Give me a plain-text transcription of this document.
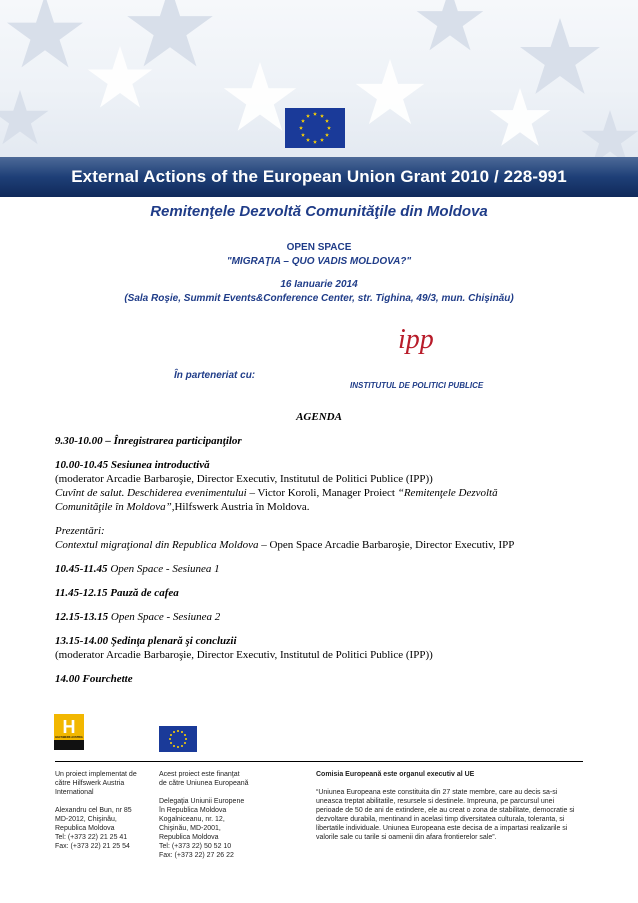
External Actions of the European Union Grant 2010 / 228-991
Remitenţele Dezvoltă Comunităţile din Moldova
OPEN SPACE
"MIGRAŢIA – QUO VADIS MOLDOVA?"
16 Ianuarie 2014
(Sala Roşie, Summit Events&Conference Center, str. Tighina, 49/3, mun. Chişinău)
ipp
În parteneriat cu:
INSTITUTUL DE POLITICI PUBLICE
AGENDA
9.30-10.00 – Înregistrarea participanţilor
10.00-10.45 Sesiunea introductivă
(moderator Arcadie Barbaroşie, Director Executiv, Institutul de Politici Publice (IPP))
Cuvînt de salut. Deschiderea evenimentului – Victor Koroli, Manager Proiect “Remitenţele Dezvoltă
Comunităţile în Moldova”,Hilfswerk Austria în Moldova.
Prezentări:
Contextul migraţional din Republica Moldova – Open Space Arcadie Barbaroşie, Director Executiv, IPP
10.45-11.45 Open Space - Sesiunea 1
11.45-12.15 Pauză de cafea
12.15-13.15 Open Space - Sesiunea 2
13.15-14.00 Şedinţa plenară şi concluzii
(moderator Arcadie Barbaroşie, Director Executiv, Institutul de Politici Publice (IPP))
14.00 Fourchette
H
HILFSWERK AUSTRIA
Un proiect implementat de
către Hilfswerk Austria
International
Alexandru cel Bun, nr 85
MD-2012, Chişinău,
Republica Moldova
Tel: (+373 22) 21 25 41
Fax: (+373 22) 21 25 54
Acest proiect este finanţat
de către Uniunea Europeană
Delegaţia Uniunii Europene
în Republica Moldova
Kogalniceanu, nr. 12,
Chişinău, MD-2001,
Republica Moldova
Tel: (+373 22) 50 52 10
Fax: (+373 22) 27 26 22
Comisia Europeană este organul executiv al UE
“Uniunea Europeana este constituita din 27 state membre, care au decis sa-si
uneasca treptat abilitatile, resursele si destinele. Impreuna, pe parcursul unei
perioade de 50 de ani de extindere, ele au creat o zona de stabilitate, democratie si
dezvoltare durabila, mentinand in acelasi timp diversitatea culturala, toleranta, si
libertatile individuale. Uniunea Europeana este decisa de a impartasi realizarile si
valorile sale cu tarile si oamenii din afara frontierelor sale”.
